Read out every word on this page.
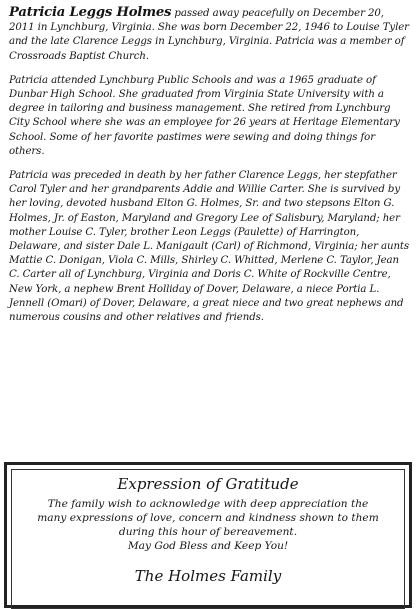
Patricia Leggs Holmes passed away peacefully on December 20, 2011 in Lynchburg, Virginia. She was born December 22, 1946 to Louise Tyler and the late Clarence Leggs in Lynchburg, Virginia. Patricia was a member of Crossroads Baptist Church.

Patricia attended Lynchburg Public Schools and was a 1965 graduate of Dunbar High School. She graduated from Virginia State University with a degree in tailoring and business management. She retired from Lynchburg City School where she was an employee for 26 years at Heritage Elementary School. Some of her favorite pastimes were sewing and doing things for others.

Patricia was preceded in death by her father Clarence Leggs, her stepfather Carol Tyler and her grandparents Addie and Willie Carter. She is survived by her loving, devoted husband Elton G. Holmes, Sr. and two stepsons Elton G. Holmes, Jr. of Easton, Maryland and Gregory Lee of Salisbury, Maryland; her mother Louise C. Tyler, brother Leon Leggs (Paulette) of Harrington, Delaware, and sister Dale L. Manigault (Carl) of Richmond, Virginia; her aunts Mattie C. Donigan, Viola C. Mills, Shirley C. Whitted, Merlene C. Taylor, Jean C. Carter all of Lynchburg, Virginia and Doris C. White of Rockville Centre, New York, a nephew Brent Holliday of Dover, Delaware, a niece Portia L. Jennell (Omari) of Dover, Delaware, a great niece and two great nephews and numerous cousins and other relatives and friends.

Expression of Gratitude
The family wish to acknowledge with deep appreciation the
many expressions of love, concern and kindness shown to them
during this hour of bereavement.
May God Bless and Keep You!
The Holmes Family
